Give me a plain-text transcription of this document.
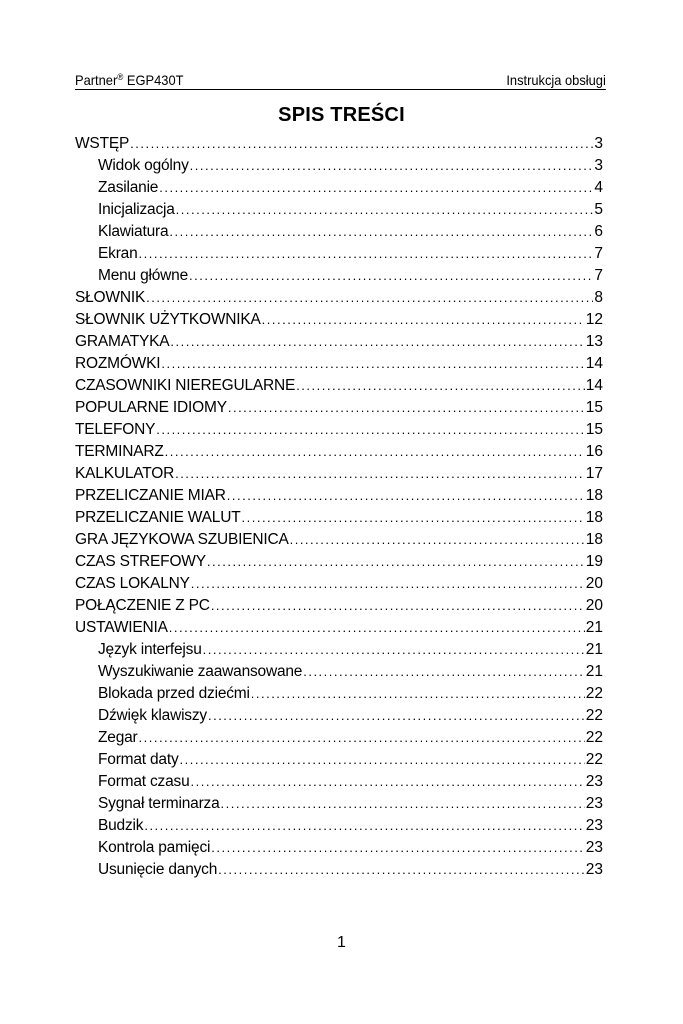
Partner® EGP430T	Instrukcja obsługi
SPIS TREŚCI
WSTĘP .....	3
Widok ogólny .....	3
Zasilanie .....	4
Inicjalizacja .....	5
Klawiatura .....	6
Ekran .....	7
Menu główne .....	7
SŁOWNIK .....	8
SŁOWNIK UŻYTKOWNIKA .....	12
GRAMATYKA .....	13
ROZMÓWKI .....	14
CZASOWNIKI NIEREGULARNE .....	14
POPULARNE IDIOMY .....	15
TELEFONY .....	15
TERMINARZ .....	16
KALKULATOR .....	17
PRZELICZANIE MIAR .....	18
PRZELICZANIE WALUT .....	18
GRA JĘZYKOWA SZUBIENICA .....	18
CZAS STREFOWY .....	19
CZAS LOKALNY .....	20
POŁĄCZENIE Z PC .....	20
USTAWIENIA .....	21
Język interfejsu .....	21
Wyszukiwanie zaawansowane .....	21
Blokada przed dziećmi .....	22
Dźwięk klawiszy .....	22
Zegar .....	22
Format daty .....	22
Format czasu .....	23
Sygnał terminarza .....	23
Budzik .....	23
Kontrola pamięci .....	23
Usunięcie danych .....	23
1
